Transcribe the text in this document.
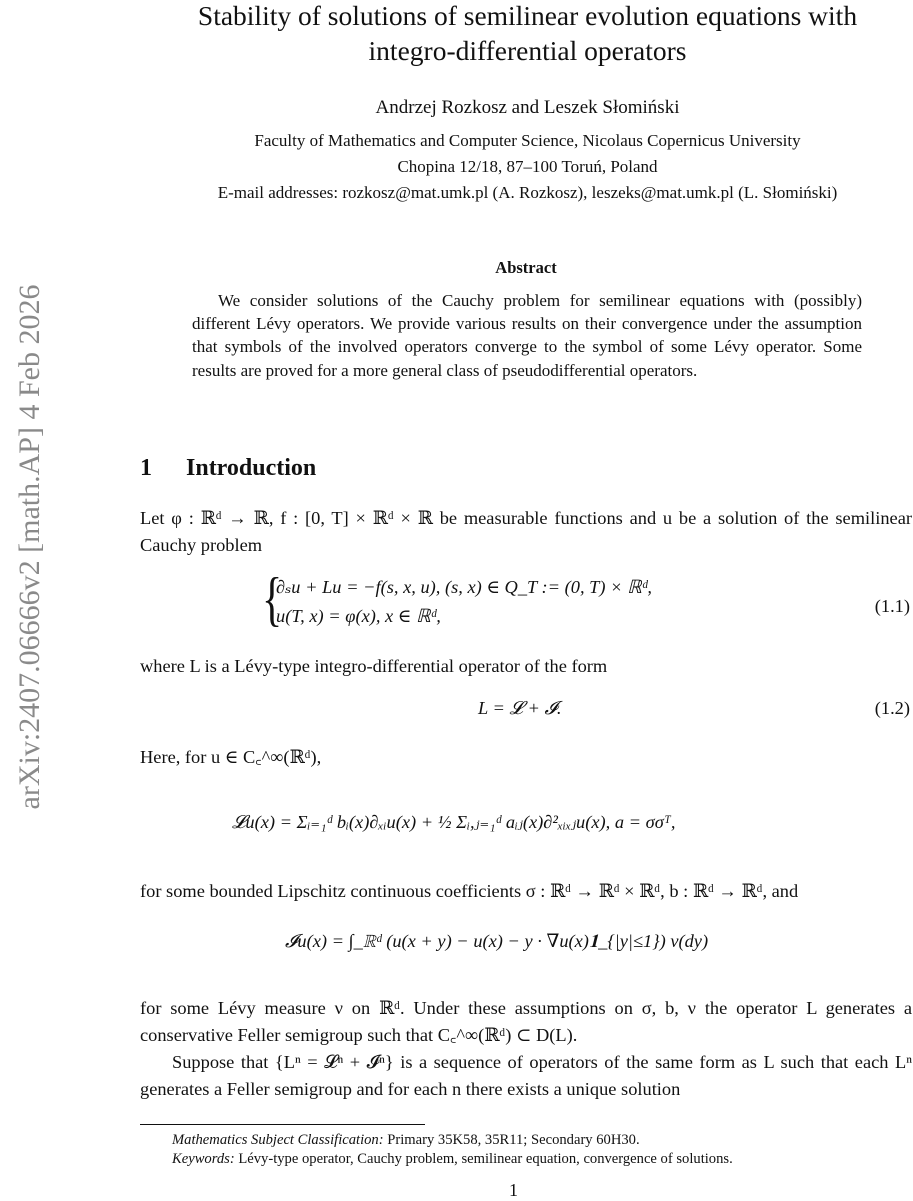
arXiv:2407.06666v2 [math.AP] 4 Feb 2026
Stability of solutions of semilinear evolution equations with
integro-differential operators
Andrzej Rozkosz and Leszek Słomiński
Faculty of Mathematics and Computer Science, Nicolaus Copernicus University
Chopina 12/18, 87–100 Toruń, Poland
E-mail addresses: rozkosz@mat.umk.pl (A. Rozkosz), leszeks@mat.umk.pl (L. Słomiński)
Abstract
We consider solutions of the Cauchy problem for semilinear equations with (possibly) different Lévy operators. We provide various results on their convergence under the assumption that symbols of the involved operators converge to the symbol of some Lévy operator. Some results are proved for a more general class of pseudodifferential operators.
1 Introduction
Let φ : ℝᵈ → ℝ, f : [0, T] × ℝᵈ × ℝ be measurable functions and u be a solution of the semilinear Cauchy problem
{
∂ₛu + Lu = −f(s, x, u), (s, x) ∈ Q_T := (0, T) × ℝᵈ,
u(T, x) = φ(x), x ∈ ℝᵈ,	(1.1)
where L is a Lévy-type integro-differential operator of the form
L = 𝓛 + 𝓘.	(1.2)
Here, for u ∈ C꜀^∞(ℝᵈ),
𝓛u(x) = Σᵢ₌₁ᵈ bᵢ(x)∂ₓᵢu(x) + ½ Σᵢ,ⱼ₌₁ᵈ aᵢⱼ(x)∂²ₓᵢₓⱼu(x), a = σσᵀ,
for some bounded Lipschitz continuous coefficients σ : ℝᵈ → ℝᵈ × ℝᵈ, b : ℝᵈ → ℝᵈ, and
𝓘u(x) = ∫_ℝᵈ (u(x + y) − u(x) − y · ∇u(x)𝟏_{|y|≤1}) ν(dy)
for some Lévy measure ν on ℝᵈ. Under these assumptions on σ, b, ν the operator L generates a conservative Feller semigroup such that C꜀^∞(ℝᵈ) ⊂ D(L).
Suppose that {Lⁿ = 𝓛ⁿ + 𝓘ⁿ} is a sequence of operators of the same form as L such that each Lⁿ generates a Feller semigroup and for each n there exists a unique solution
Mathematics Subject Classification: Primary 35K58, 35R11; Secondary 60H30.
Keywords: Lévy-type operator, Cauchy problem, semilinear equation, convergence of solutions.
1
